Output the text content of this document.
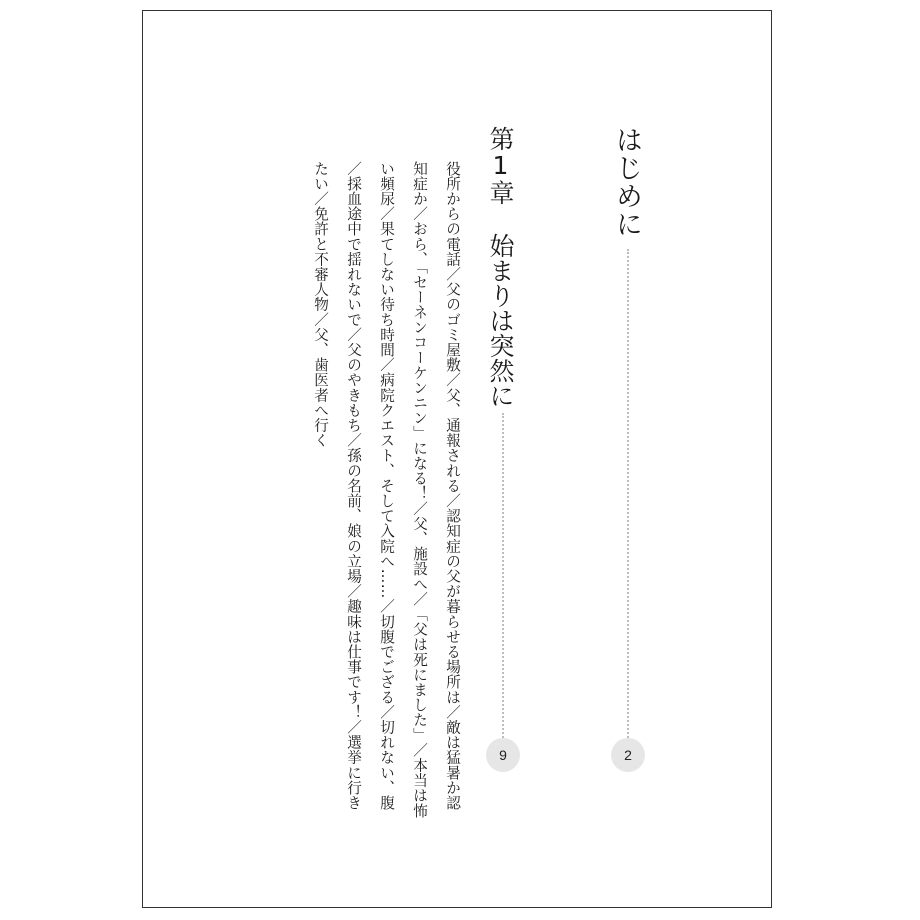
はじめに
2
第1章始まりは突然に
9
役所からの電話／父のゴミ屋敷／父、通報される／認知症の父が暮らせる場所は／敵は猛暑か認知症か／おら、「セーネンコーケンニン」になる！／父、施設へ／「父は死にました」／本当は怖い頻尿／果てしない待ち時間／病院クエスト、そして入院へ……／切腹でござる／切れない、腹／採血途中で揺れないで／父のやきもち／孫の名前、娘の立場／趣味は仕事です！／選挙に行きたい／免許と不審人物／父、歯医者へ行く
